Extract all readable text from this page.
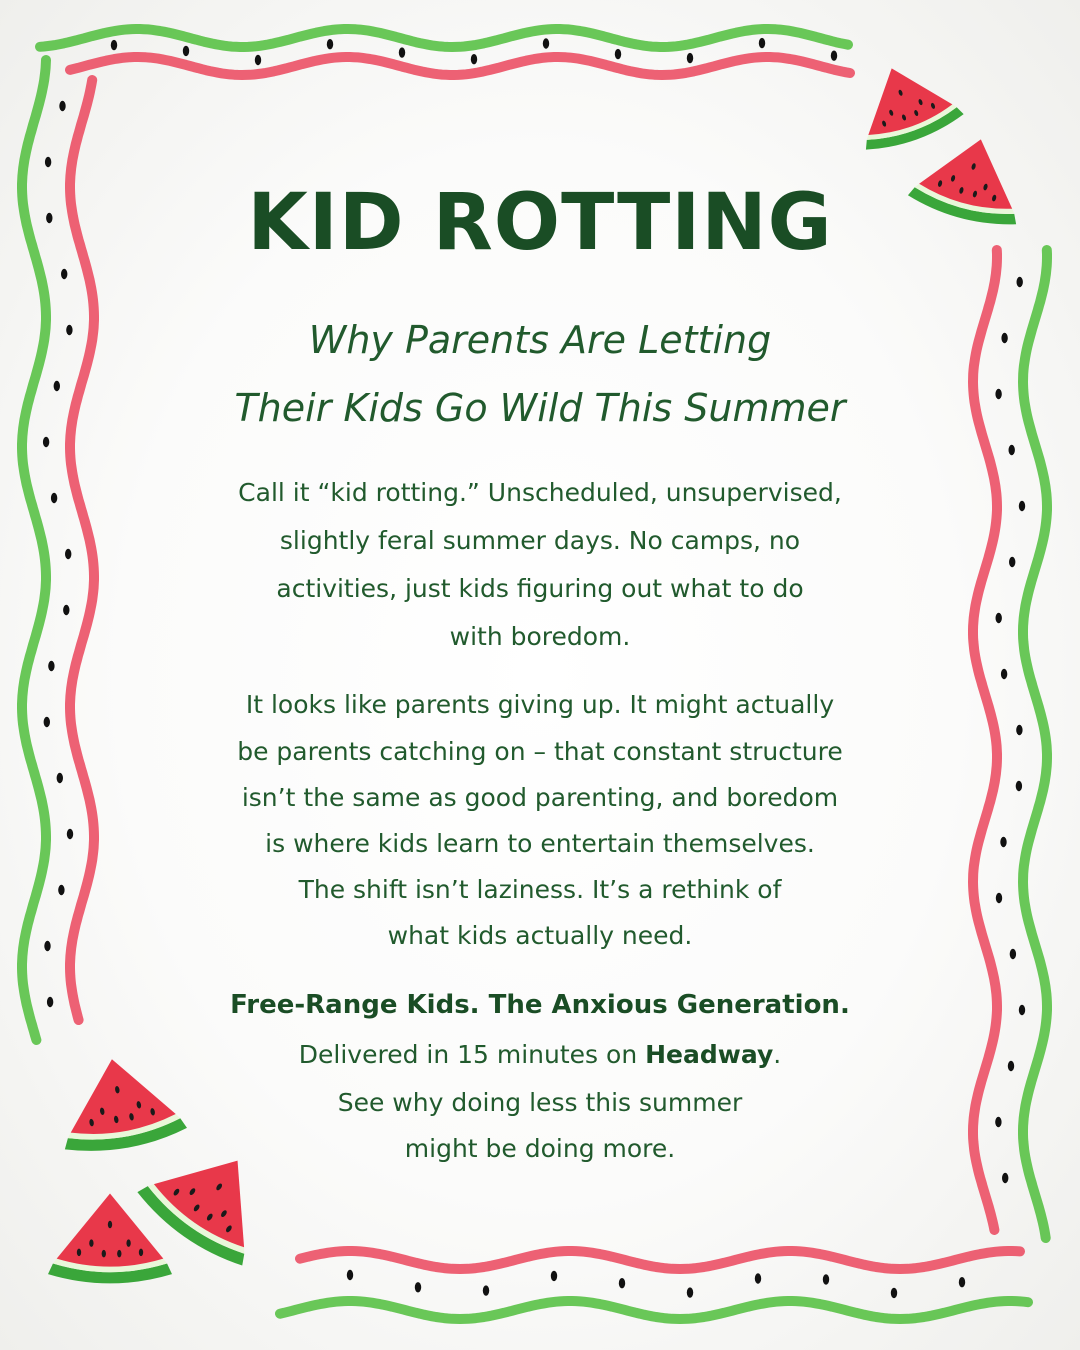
KID ROTTING
Why Parents Are Letting
Their Kids Go Wild This Summer
Call it “kid rotting.” Unscheduled, unsupervised,
slightly feral summer days. No camps, no
activities, just kids figuring out what to do
with boredom.
It looks like parents giving up. It might actually
be parents catching on – that constant structure
isn’t the same as good parenting, and boredom
is where kids learn to entertain themselves.
The shift isn’t laziness. It’s a rethink of
what kids actually need.
Free-Range Kids. The Anxious Generation.
Delivered in 15 minutes on Headway.
See why doing less this summer
might be doing more.
